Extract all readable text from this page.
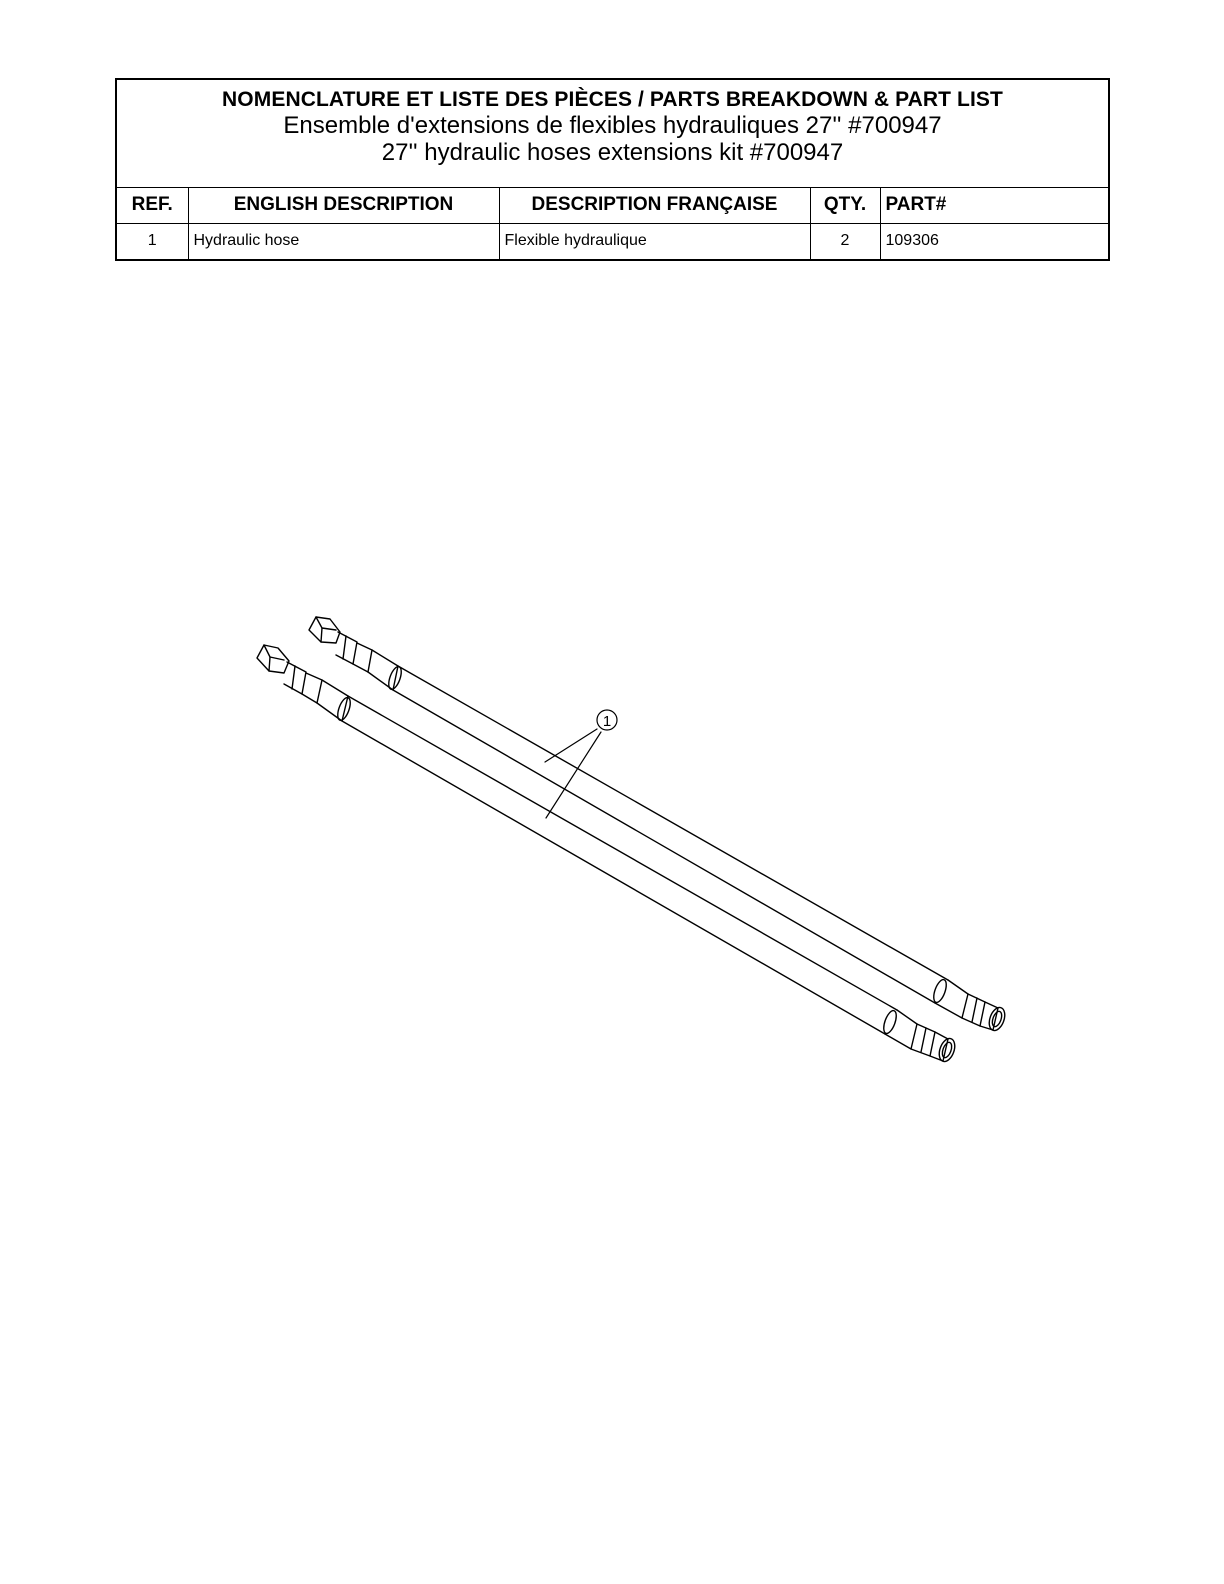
NOMENCLATURE ET LISTE DES PIÈCES / PARTS BREAKDOWN & PART LIST
Ensemble d'extensions de flexibles hydrauliques 27'' #700947
27'' hydraulic hoses extensions kit #700947
REF.	ENGLISH DESCRIPTION	DESCRIPTION FRANÇAISE	QTY.	PART#
1	Hydraulic hose	Flexible hydraulique	2	109306
1
